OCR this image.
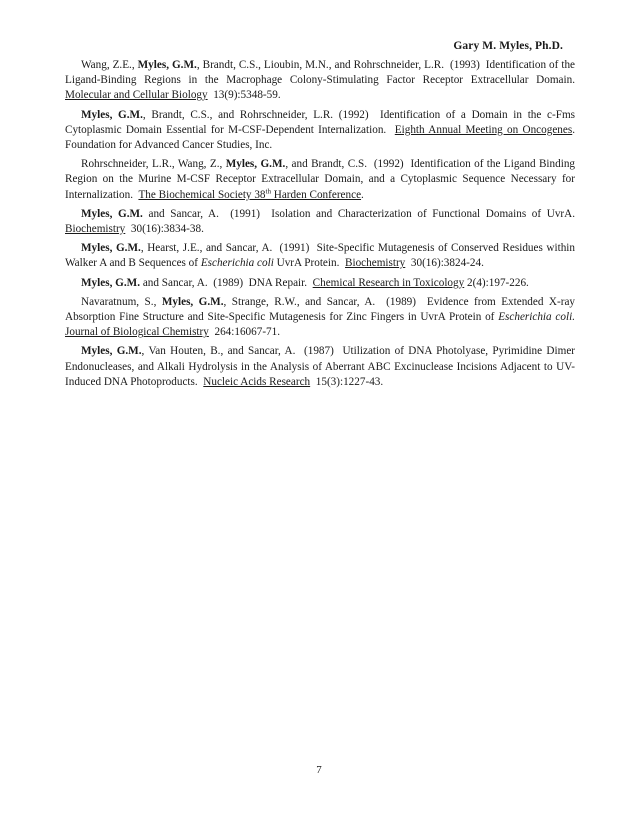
Gary M. Myles, Ph.D.

Wang, Z.E., Myles, G.M., Brandt, C.S., Lioubin, M.N., and Rohrschneider, L.R. (1993) Identification of the Ligand-Binding Regions in the Macrophage Colony-Stimulating Factor Receptor Extracellular Domain. Molecular and Cellular Biology 13(9):5348-59.

Myles, G.M., Brandt, C.S., and Rohrschneider, L.R. (1992) Identification of a Domain in the c-Fms Cytoplasmic Domain Essential for M-CSF-Dependent Internalization. Eighth Annual Meeting on Oncogenes. Foundation for Advanced Cancer Studies, Inc.

Rohrschneider, L.R., Wang, Z., Myles, G.M., and Brandt, C.S. (1992) Identification of the Ligand Binding Region on the Murine M-CSF Receptor Extracellular Domain, and a Cytoplasmic Sequence Necessary for Internalization. The Biochemical Society 38th Harden Conference.

Myles, G.M. and Sancar, A. (1991) Isolation and Characterization of Functional Domains of UvrA. Biochemistry 30(16):3834-38.

Myles, G.M., Hearst, J.E., and Sancar, A. (1991) Site-Specific Mutagenesis of Conserved Residues within Walker A and B Sequences of Escherichia coli UvrA Protein. Biochemistry 30(16):3824-24.

Myles, G.M. and Sancar, A. (1989) DNA Repair. Chemical Research in Toxicology 2(4):197-226.

Navaratnum, S., Myles, G.M., Strange, R.W., and Sancar, A. (1989) Evidence from Extended X-ray Absorption Fine Structure and Site-Specific Mutagenesis for Zinc Fingers in UvrA Protein of Escherichia coli. Journal of Biological Chemistry 264:16067-71.

Myles, G.M., Van Houten, B., and Sancar, A. (1987) Utilization of DNA Photolyase, Pyrimidine Dimer Endonucleases, and Alkali Hydrolysis in the Analysis of Aberrant ABC Excinuclease Incisions Adjacent to UV-Induced DNA Photoproducts. Nucleic Acids Research 15(3):1227-43.

7
